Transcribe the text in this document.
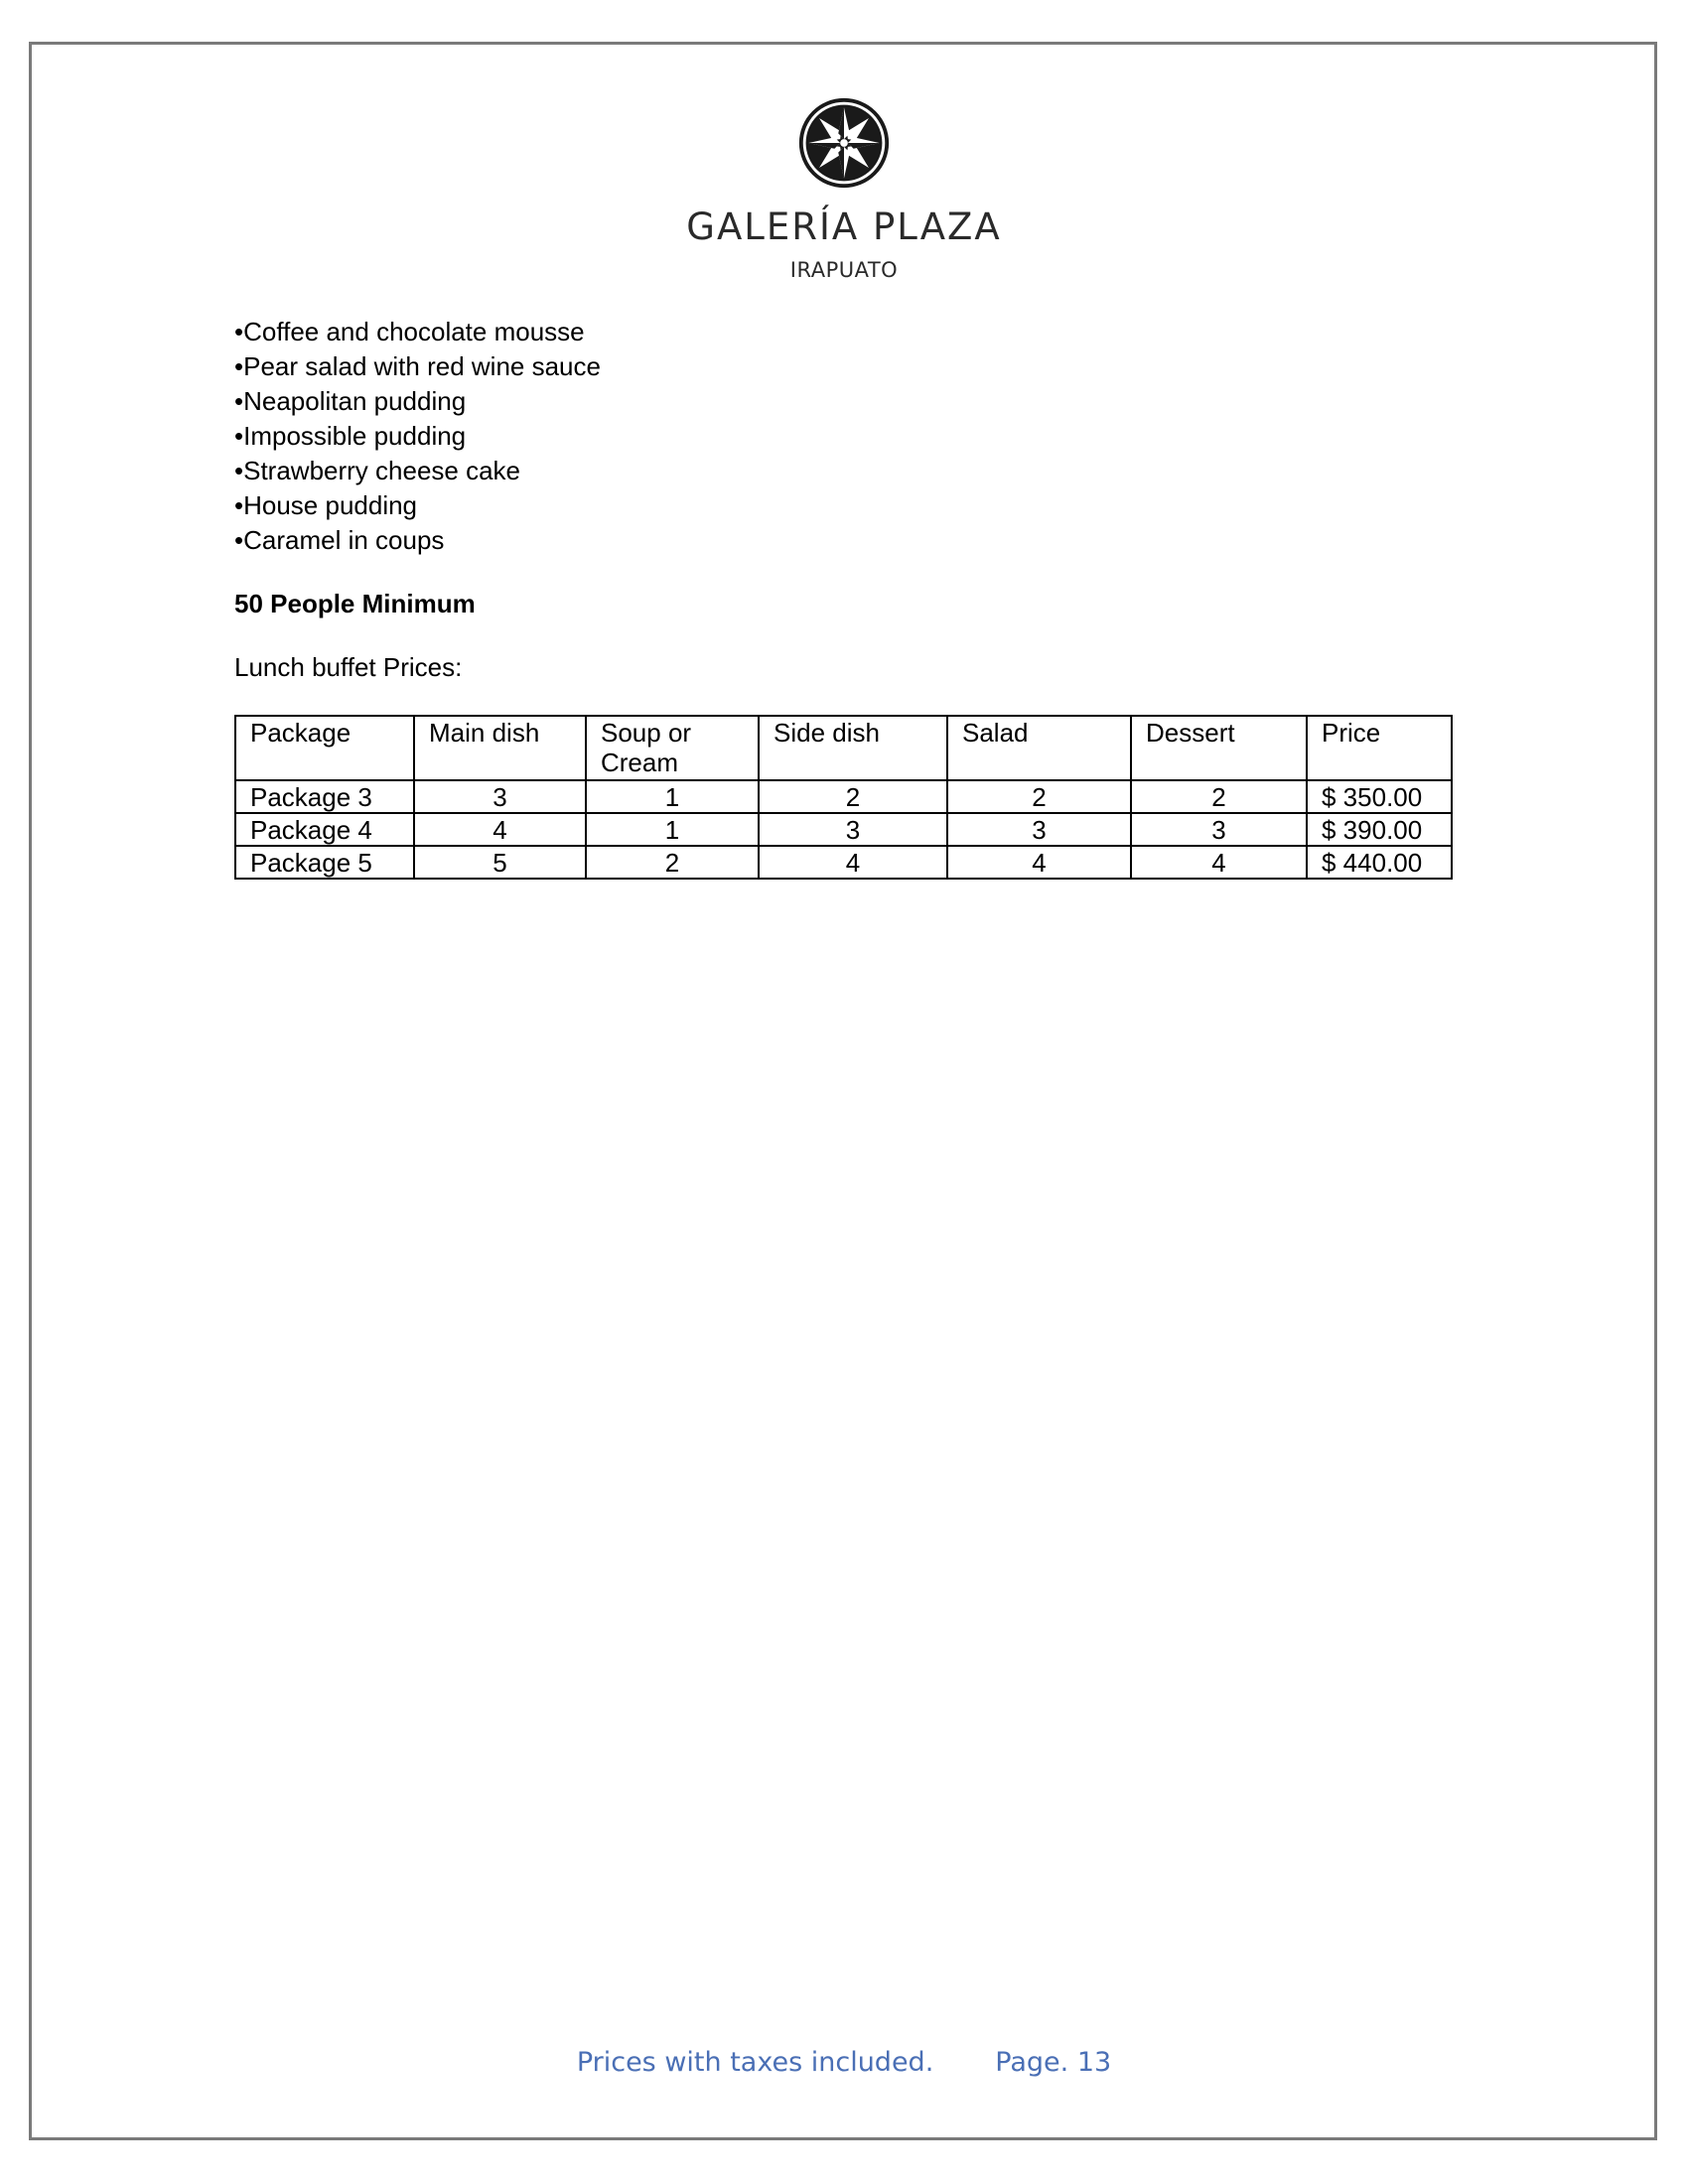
GALERÍA PLAZA
IRAPUATO
•Coffee and chocolate mousse
•Pear salad with red wine sauce
•Neapolitan pudding
•Impossible pudding
•Strawberry cheese cake
•House pudding
•Caramel in coups

50 People Minimum

Lunch buffet Prices:

Package	Main dish	Soup or Cream	Side dish	Salad	Dessert	Price
Package 3	3	1	2	2	2	$ 350.00
Package 4	4	1	3	3	3	$ 390.00
Package 5	5	2	4	4	4	$ 440.00
Prices with taxes included. Page. 13
